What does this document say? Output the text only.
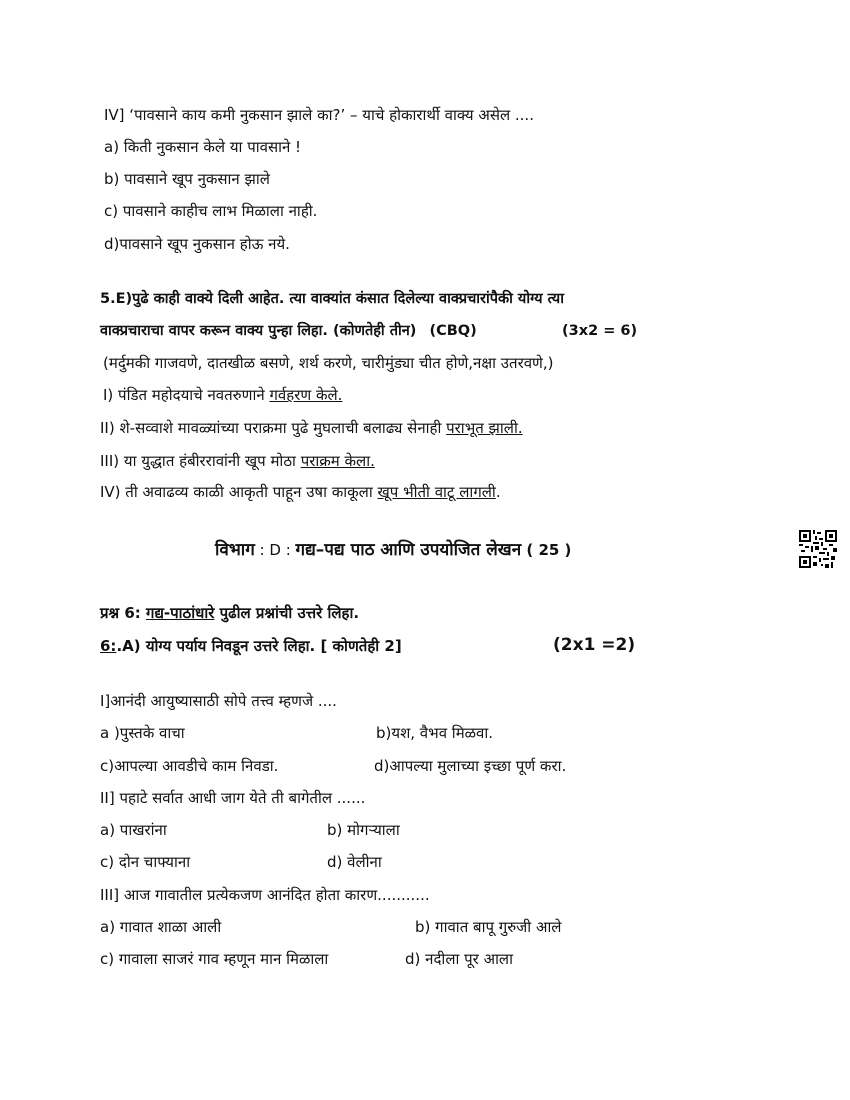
IV] ‘पावसाने काय कमी नुकसान झाले का?’ – याचे होकारार्थी वाक्य असेल ....
a) किती नुकसान केले या पावसाने !
b) पावसाने खूप नुकसान झाले
c) पावसाने काहीच लाभ मिळाला नाही.
d)पावसाने खूप नुकसान होऊ नये.
5.E)पुढे काही वाक्ये दिली आहेत. त्या वाक्यांत कंसात दिलेल्या वाक्प्रचारांपैकी योग्य त्या
वाक्प्रचाराचा वापर करून वाक्य पुन्हा लिहा. (कोणतेही तीन) (CBQ)	(3x2 = 6)
(मर्दुमकी गाजवणे, दातखीळ बसणे, शर्थ करणे, चारीमुंड्या चीत होणे,नक्षा उतरवणे,)
I) पंडित महोदयाचे नवतरुणाने गर्वहरण केले.
II) शे-सव्वाशे मावळ्यांच्या पराक्रमा पुढे मुघलाची बलाढ्य सेनाही पराभूत झाली.
III) या युद्धात हंबीररावांनी खूप मोठा पराक्रम केला.
IV) ती अवाढव्य काळी आकृती पाहून उषा काकूला खूप भीती वाटू लागली.
विभाग : D : गद्य–पद्य पाठ आणि उपयोजित लेखन ( 25 )
प्रश्न 6: गद्य-पाठांधारे पुढील प्रश्नांची उत्तरे लिहा.
6:.A) योग्य पर्याय निवडून उत्तरे लिहा. [ कोणतेही 2]	(2x1 =2)
I]आनंदी आयुष्यासाठी सोपे तत्त्व म्हणजे ....
a )पुस्तके वाचा	b)यश, वैभव मिळवा.
c)आपल्या आवडीचे काम निवडा.	d)आपल्या मुलाच्या इच्छा पूर्ण करा.
II] पहाटे सर्वात आधी जाग येते ती बागेतील ......
a) पाखरांना	b) मोगऱ्याला
c) दोन चाफ्याना	d) वेलीना
III] आज गावातील प्रत्येकजण आनंदित होता कारण...........
a) गावात शाळा आली	b) गावात बापू गुरुजी आले
c) गावाला साजरं गाव म्हणून मान मिळाला	d) नदीला पूर आला
